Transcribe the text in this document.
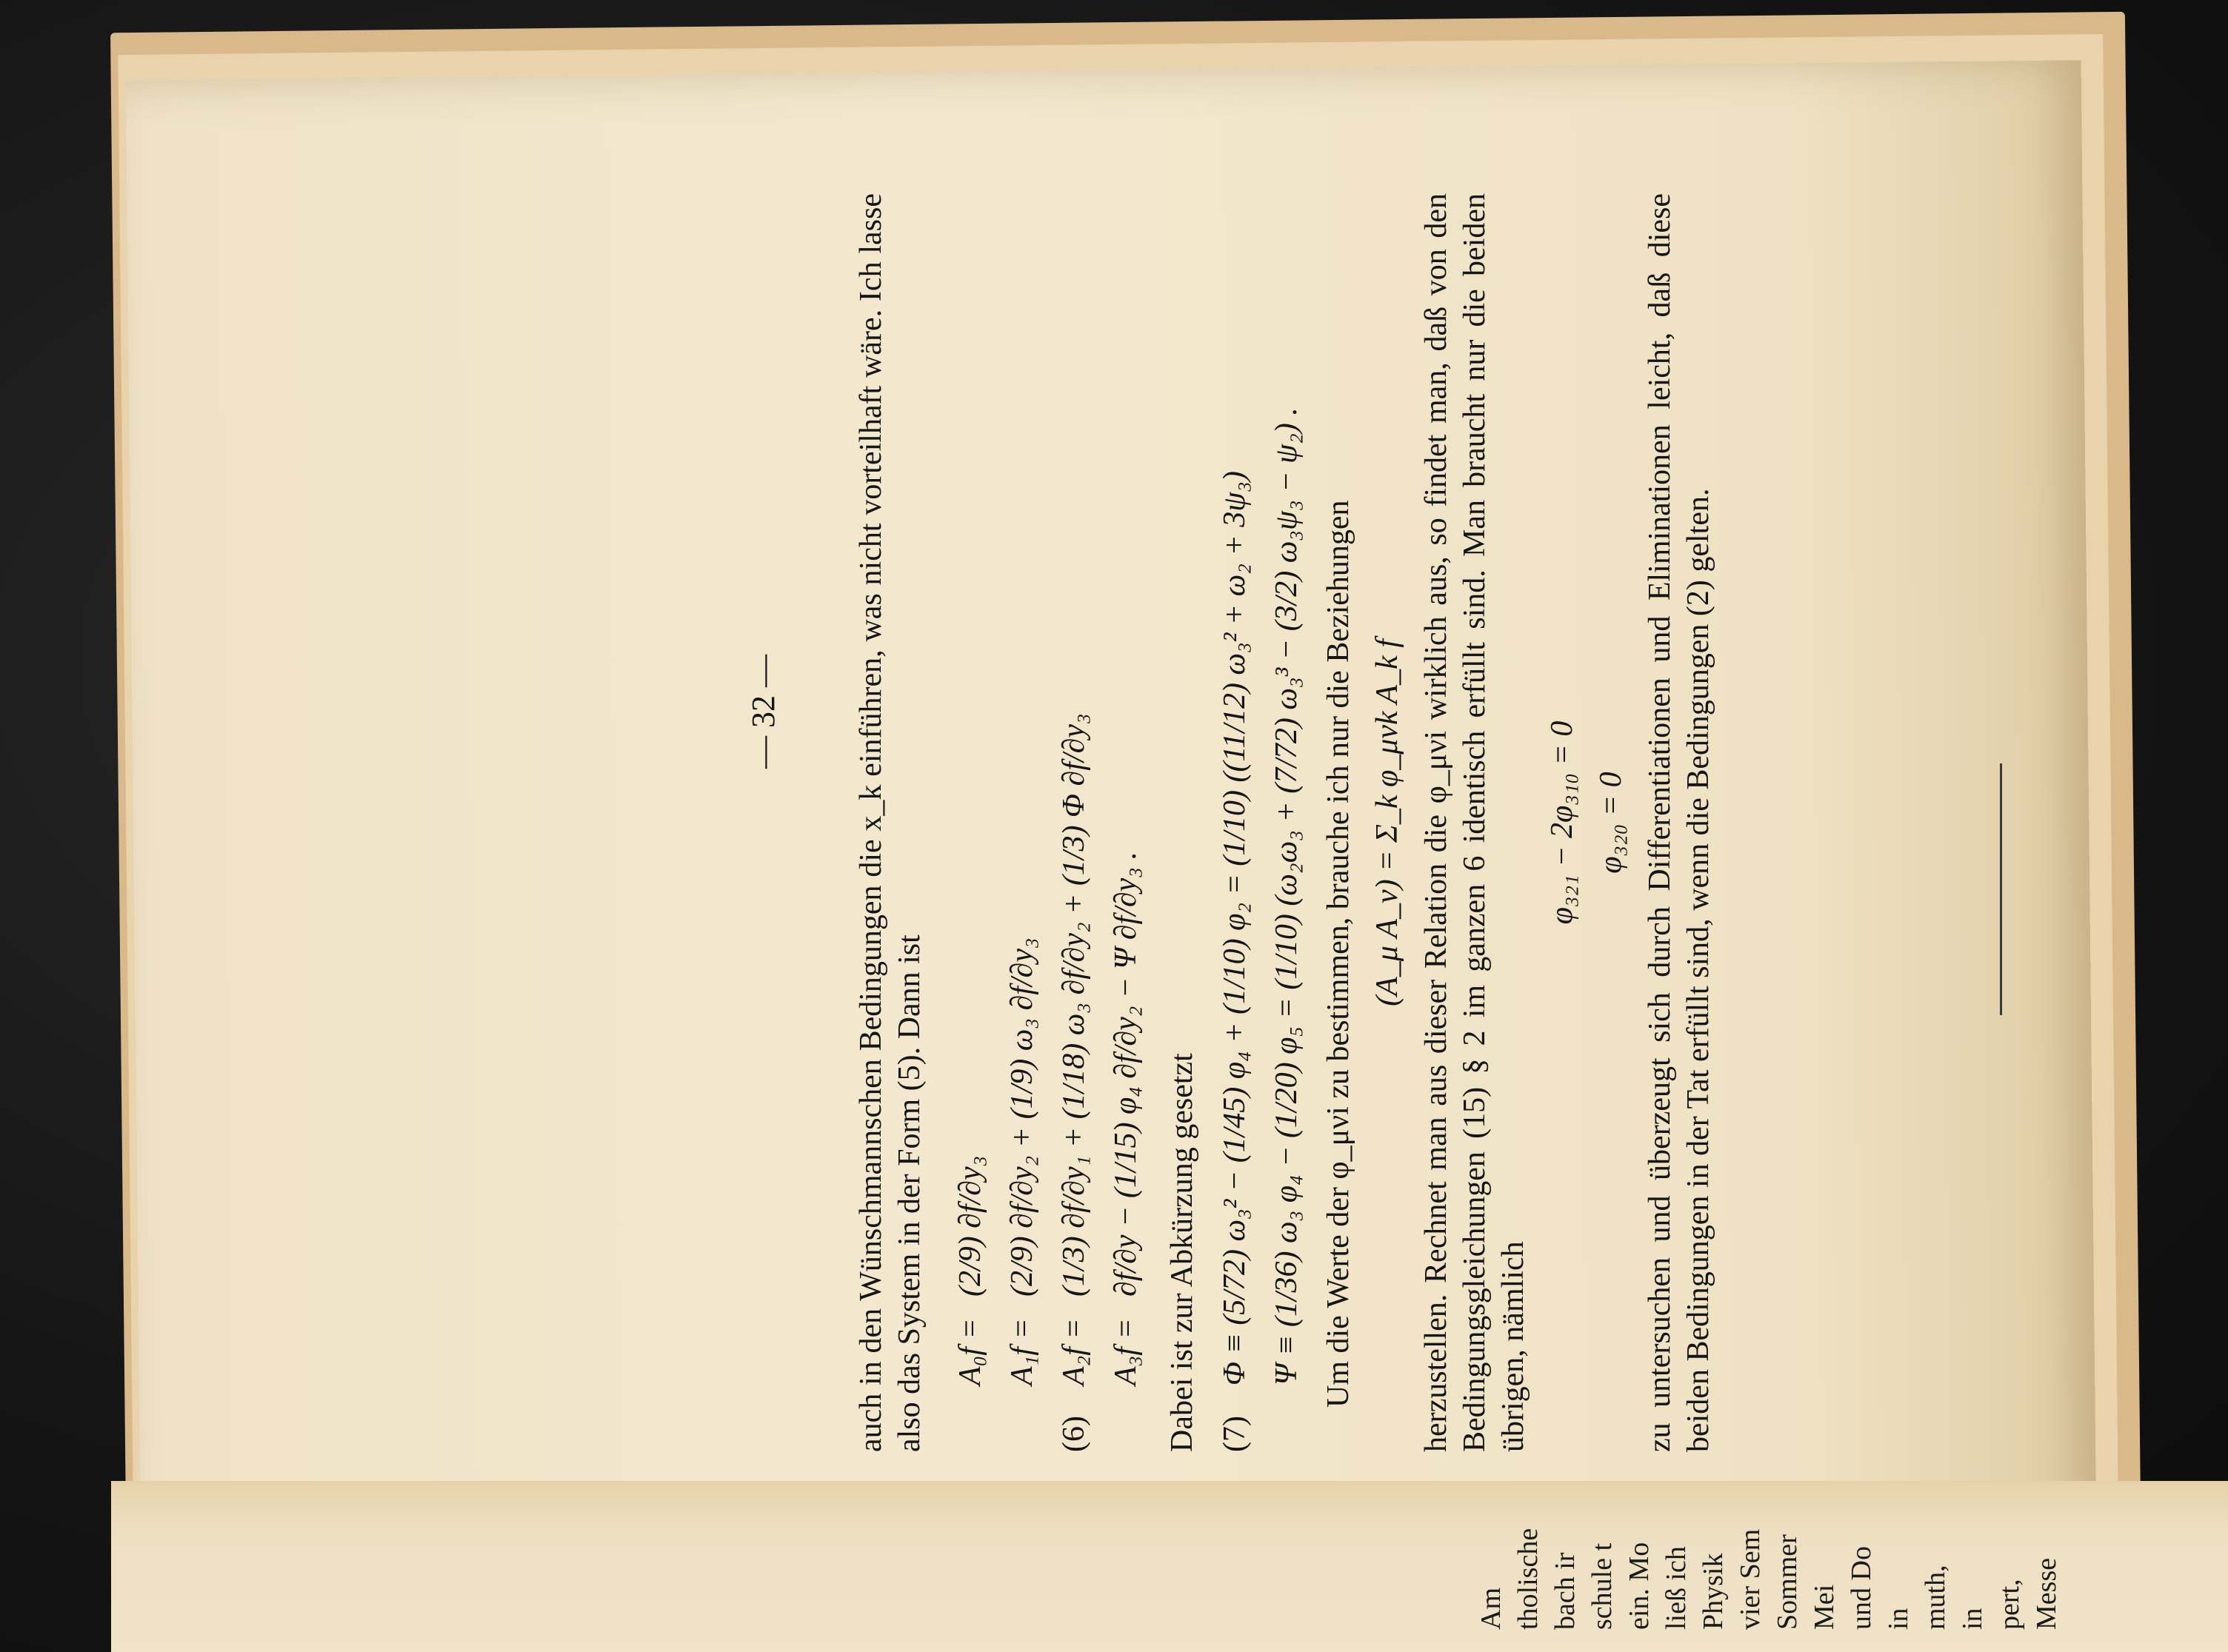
— 32 — auch in den Wünschmannschen Bedingungen die x_k einführen, was nicht vorteilhaft wäre. Ich lasse also das System in der Form (5). Dann ist A₀f =
(2/9) ∂f/∂y₃
A₁f =
(2/9) ∂f/∂y₂ + (1/9) ω₃ ∂f/∂y₃
(6)
A₂f =
(1/3) ∂f/∂y₁ + (1/18) ω₃ ∂f/∂y₂ + (1/3) Φ ∂f/∂y₃
A₃f =
∂f/∂y − (1/15) φ₄ ∂f/∂y₂ − Ψ ∂f/∂y₃ . Dabei ist zur Abkürzung gesetzt (7)
Φ ≡ (5/72) ω₃² − (1/45) φ₄ + (1/10) φ₂ = (1/10) ((11/12) ω₃² + ω₂ + 3ψ₃) Ψ ≡ (1/36) ω₃ φ₄ − (1/20) φ₅ = (1/10) (ω₂ω₃ + (7/72) ω₃³ − (3/2) ω₃ψ₃ − ψ₂) . Um die Werte der φ_μνi zu bestimmen, brauche ich nur die Beziehungen (A_μ A_ν) = Σ_k φ_μνk A_k f herzustellen. Rechnet man aus dieser Relation die φ_μνi wirklich aus, so findet man, daß von den Bedingungsgleichungen (15) § 2 im ganzen 6 identisch erfüllt sind. Man braucht nur die beiden übrigen, nämlich

φ₃₂₁ − 2φ₃₁₀ = 0 φ₃₂₀ = 0 zu untersuchen und überzeugt sich durch Differentiationen und Eliminationen leicht, daß diese beiden Bedingungen in der Tat erfüllt sind, wenn die Bedingungen (2) gelten.

Am tholische bach ir schule t ein. Mo ließ ich Physik vier Sem Sommer Mei und Do in muth, in pert, Messe
